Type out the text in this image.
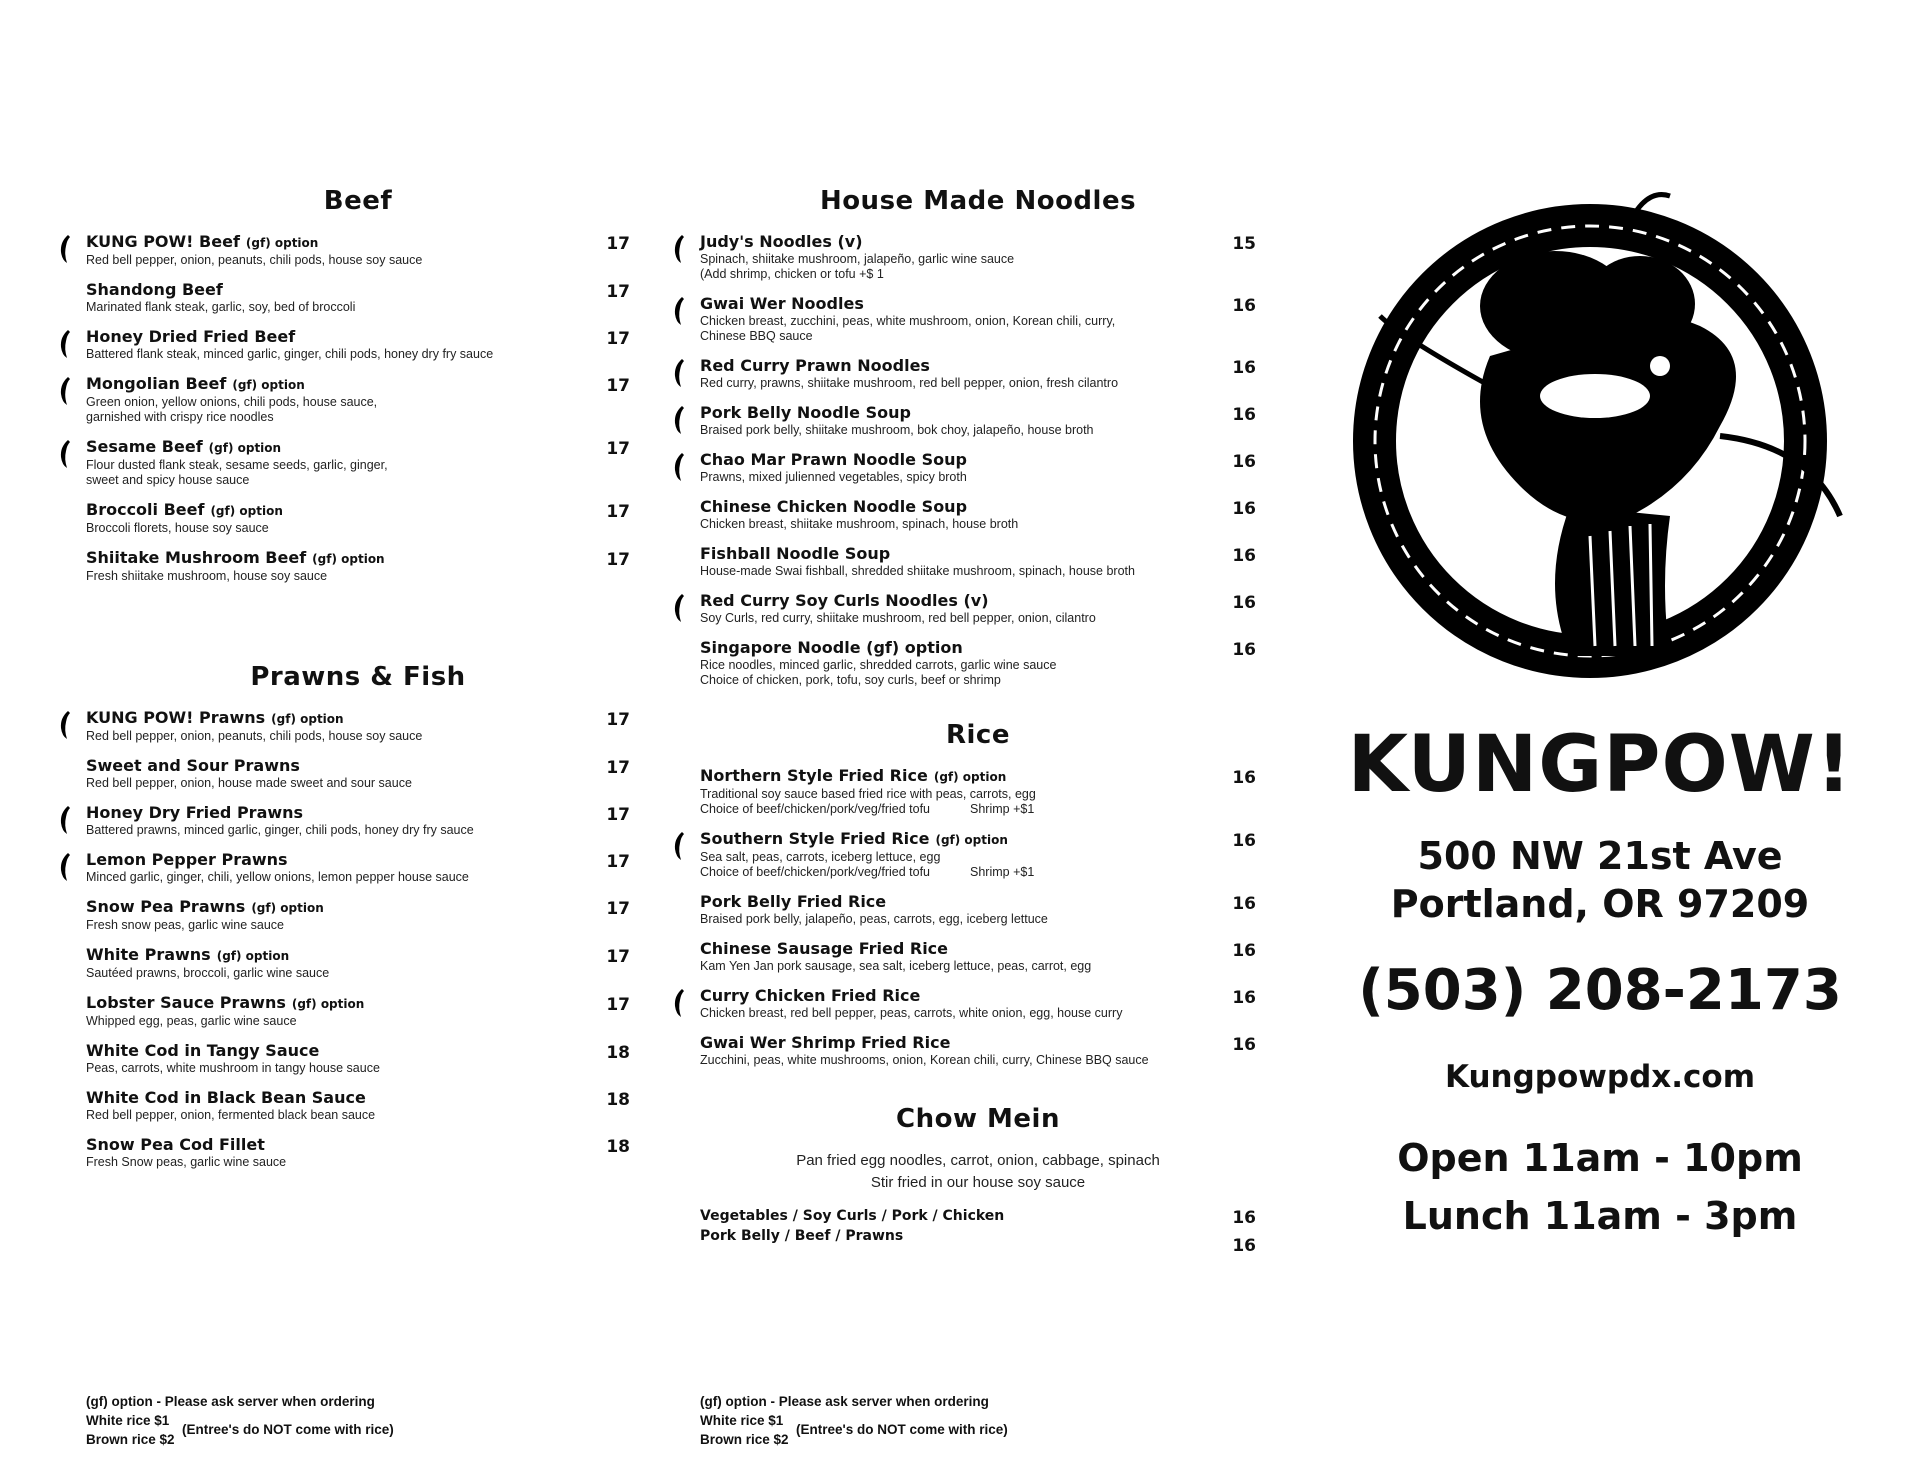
Beef
KUNG POW! Beef (gf) option
Red bell pepper, onion, peanuts, chili pods, house soy sauce
17
Shandong Beef
Marinated flank steak, garlic, soy, bed of broccoli
17
Honey Dried Fried Beef
Battered flank steak, minced garlic, ginger, chili pods, honey dry fry sauce
17
Mongolian Beef (gf) option
Green onion, yellow onions, chili pods, house sauce,
garnished with crispy rice noodles
17
Sesame Beef (gf) option
Flour dusted flank steak, sesame seeds, garlic, ginger,
sweet and spicy house sauce
17
Broccoli Beef (gf) option
Broccoli florets, house soy sauce
17
Shiitake Mushroom Beef (gf) option
Fresh shiitake mushroom, house soy sauce
17
Prawns & Fish
KUNG POW! Prawns (gf) option
Red bell pepper, onion, peanuts, chili pods, house soy sauce
17
Sweet and Sour Prawns
Red bell pepper, onion, house made sweet and sour sauce
17
Honey Dry Fried Prawns
Battered prawns, minced garlic, ginger, chili pods, honey dry fry sauce
17
Lemon Pepper Prawns
Minced garlic, ginger, chili, yellow onions, lemon pepper house sauce
17
Snow Pea Prawns (gf) option
Fresh snow peas, garlic wine sauce
17
White Prawns (gf) option
Sautéed prawns, broccoli, garlic wine sauce
17
Lobster Sauce Prawns (gf) option
Whipped egg, peas, garlic wine sauce
17
White Cod in Tangy Sauce
Peas, carrots, white mushroom in tangy house sauce
18
White Cod in Black Bean Sauce
Red bell pepper, onion, fermented black bean sauce
18
Snow Pea Cod Fillet
Fresh Snow peas, garlic wine sauce
18
House Made Noodles
Judy's Noodles (v)
Spinach, shiitake mushroom, jalapeño, garlic wine sauce
(Add shrimp, chicken or tofu +$ 1
15
Gwai Wer Noodles
Chicken breast, zucchini, peas, white mushroom, onion, Korean chili, curry,
Chinese BBQ sauce
16
Red Curry Prawn Noodles
Red curry, prawns, shiitake mushroom, red bell pepper, onion, fresh cilantro
16
Pork Belly Noodle Soup
Braised pork belly, shiitake mushroom, bok choy, jalapeño, house broth
16
Chao Mar Prawn Noodle Soup
Prawns, mixed julienned vegetables, spicy broth
16
Chinese Chicken Noodle Soup
Chicken breast, shiitake mushroom, spinach, house broth
16
Fishball Noodle Soup
House-made Swai fishball, shredded shiitake mushroom, spinach, house broth
16
Red Curry Soy Curls Noodles (v)
Soy Curls, red curry, shiitake mushroom, red bell pepper, onion, cilantro
16
Singapore Noodle (gf) option
Rice noodles, minced garlic, shredded carrots, garlic wine sauce
Choice of chicken, pork, tofu, soy curls, beef or shrimp
16
Rice
Northern Style Fried Rice (gf) option
Traditional soy sauce based fried rice with peas, carrots, egg
Choice of beef/chicken/pork/veg/fried tofu	Shrimp +$1
16
Southern Style Fried Rice (gf) option
Sea salt, peas, carrots, iceberg lettuce, egg
Choice of beef/chicken/pork/veg/fried tofu	Shrimp +$1
16
Pork Belly Fried Rice
Braised pork belly, jalapeño, peas, carrots, egg, iceberg lettuce
16
Chinese Sausage Fried Rice
Kam Yen Jan pork sausage, sea salt, iceberg lettuce, peas, carrot, egg
16
Curry Chicken Fried Rice
Chicken breast, red bell pepper, peas, carrots, white onion, egg, house curry
16
Gwai Wer Shrimp Fried Rice
Zucchini, peas, white mushrooms, onion, Korean chili, curry, Chinese BBQ sauce
16
Chow Mein
Pan fried egg noodles, carrot, onion, cabbage, spinach
Stir fried in our house soy sauce
Vegetables / Soy Curls / Pork / Chicken
Pork Belly / Beef / Prawns
16
16
(gf) option - Please ask server when ordering
White rice $1
Brown rice $2
(Entree's do NOT come with rice)
(gf) option - Please ask server when ordering
White rice $1
Brown rice $2
(Entree's do NOT come with rice)
KUNGPOW!
500 NW 21st Ave
Portland, OR 97209
(503) 208-2173
Kungpowpdx.com
Open 11am - 10pm
Lunch 11am - 3pm
